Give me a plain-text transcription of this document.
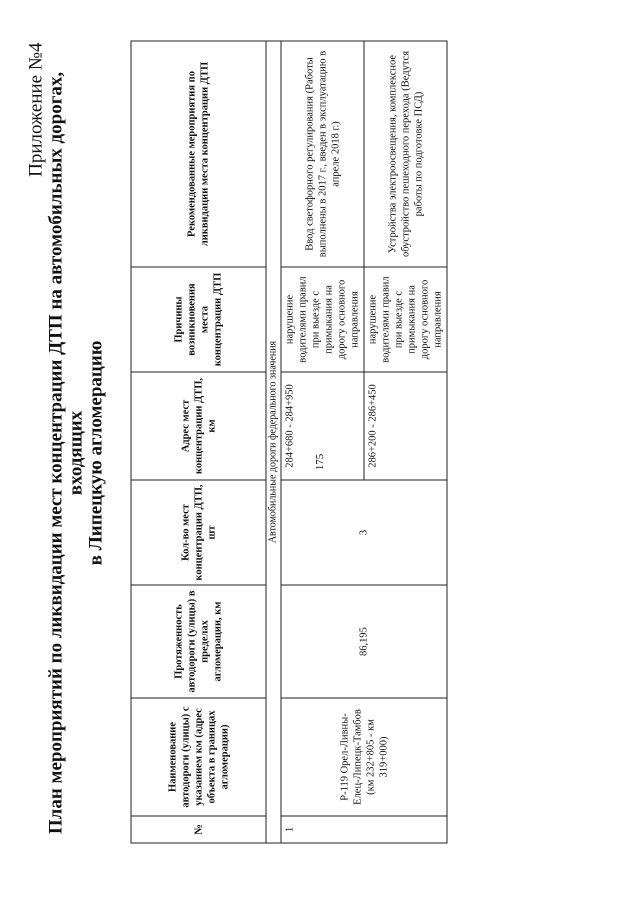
175
Приложение №4 План мероприятий по ликвидации мест концентрации ДТП на автомобильных дорогах, входящих в Липецкую агломерацию
№	Наименование автодороги (улицы) с указанием км (адрес объекта в границах агломерации)	Протяженность автодороги (улицы) в пределах агломерации, км	Кол-во мест концентрации ДТП, шт	Адрес мест концентрации ДТП, км	Причины возникновения места концентрации ДТП	Рекомендованные мероприятия по ликвидации места концентрации ДТП
Автомобильные дороги федерального значения						
1	Р-119 Орел-Ливны-Елец-Липецк-Тамбов (км 232+805 - км 319+000)	86,195	3	284+680 - 284+950	нарушение водителями правил при выезде с примыкания на дорогу основного направления	Ввод светофорного регулирования (Работы выполнены в 2017 г., введен в эксплуатацию в апреле 2018 г.)
				286+200 - 286+450	нарушение водителями правил при выезде с примыкания на дорогу основного направления	Устройства электроосвещения, комплексное обустройство пешеходного перехода (Ведутся работы по подготовке ПСД)
